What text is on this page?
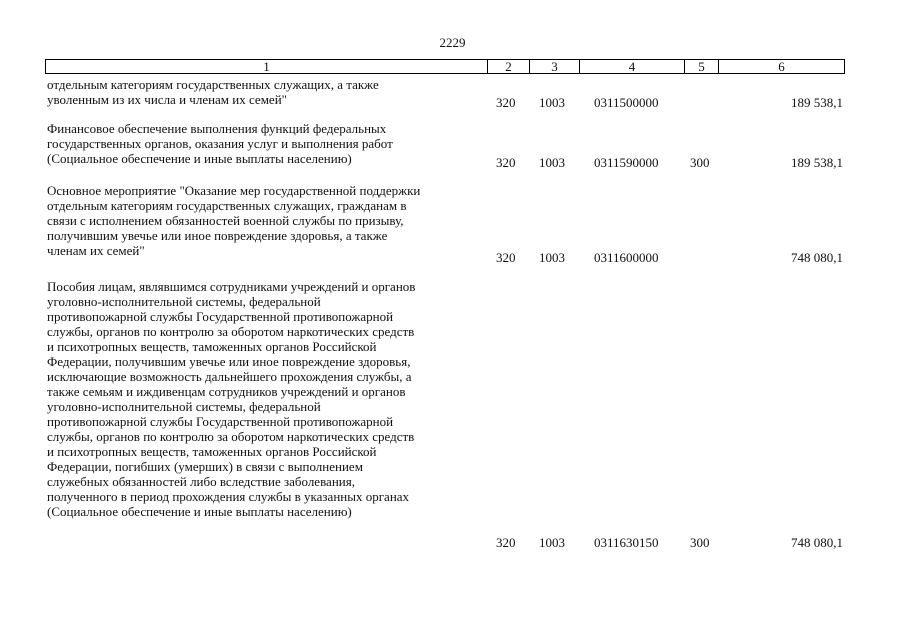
2229
1	2	3	4	5	6

отдельным категориям государственных служащих, а также
уволенным из их числа и членам их семей"	320 1003 0311500000	189 538,1

Финансовое обеспечение выполнения функций федеральных
государственных органов, оказания услуг и выполнения работ
(Социальное обеспечение и иные выплаты населению)	320 1003 0311590000 300	189 538,1

Основное мероприятие "Оказание мер государственной поддержки
отдельным категориям государственных служащих, гражданам в
связи с исполнением обязанностей военной службы по призыву,
получившим увечье или иное повреждение здоровья, а также
членам их семей"	320 1003 0311600000	748 080,1

Пособия лицам, являвшимся сотрудниками учреждений и органов
уголовно-исполнительной системы, федеральной
противопожарной службы Государственной противопожарной
службы, органов по контролю за оборотом наркотических средств
и психотропных веществ, таможенных органов Российской
Федерации, получившим увечье или иное повреждение здоровья,
исключающие возможность дальнейшего прохождения службы, а
также семьям и иждивенцам сотрудников учреждений и органов
уголовно-исполнительной системы, федеральной
противопожарной службы Государственной противопожарной
службы, органов по контролю за оборотом наркотических средств
и психотропных веществ, таможенных органов Российской
Федерации, погибших (умерших) в связи с выполнением
служебных обязанностей либо вследствие заболевания,
полученного в период прохождения службы в указанных органах
(Социальное обеспечение и иные выплаты населению)

320 1003 0311630150 300	748 080,1
